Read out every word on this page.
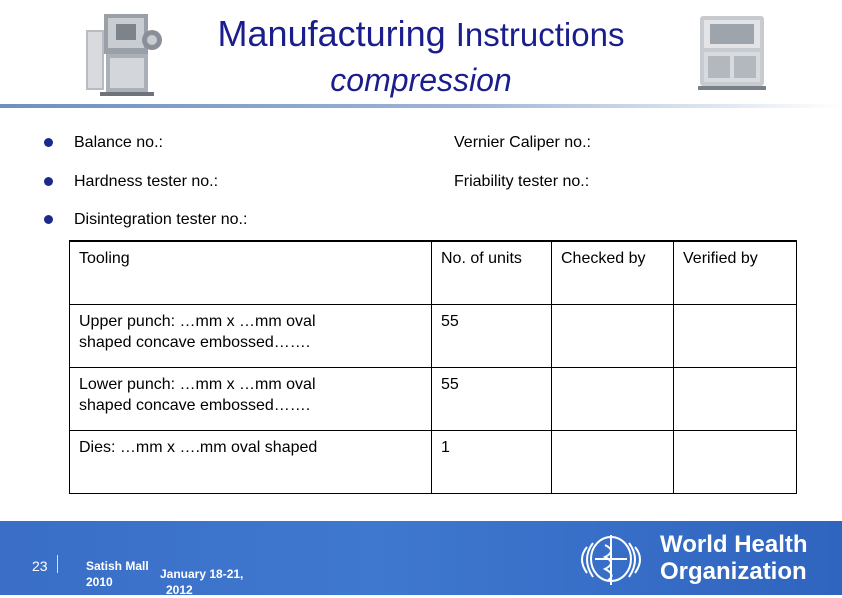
Manufacturing Instructions
compression
Balance no.:	Vernier Caliper no.:
Hardness tester no.:	Friability tester no.:
Disintegration tester no.:
Tooling	No. of units	Checked by	Verified by

Upper punch: …mm x …mm oval
shaped concave embossed…….	55		

Lower punch: …mm x …mm oval
shaped concave embossed…….	55		

Dies: …mm x ….mm oval shaped	1		
23	Satish Mall
2010
January 18-21,
2012
World Health
Organization
